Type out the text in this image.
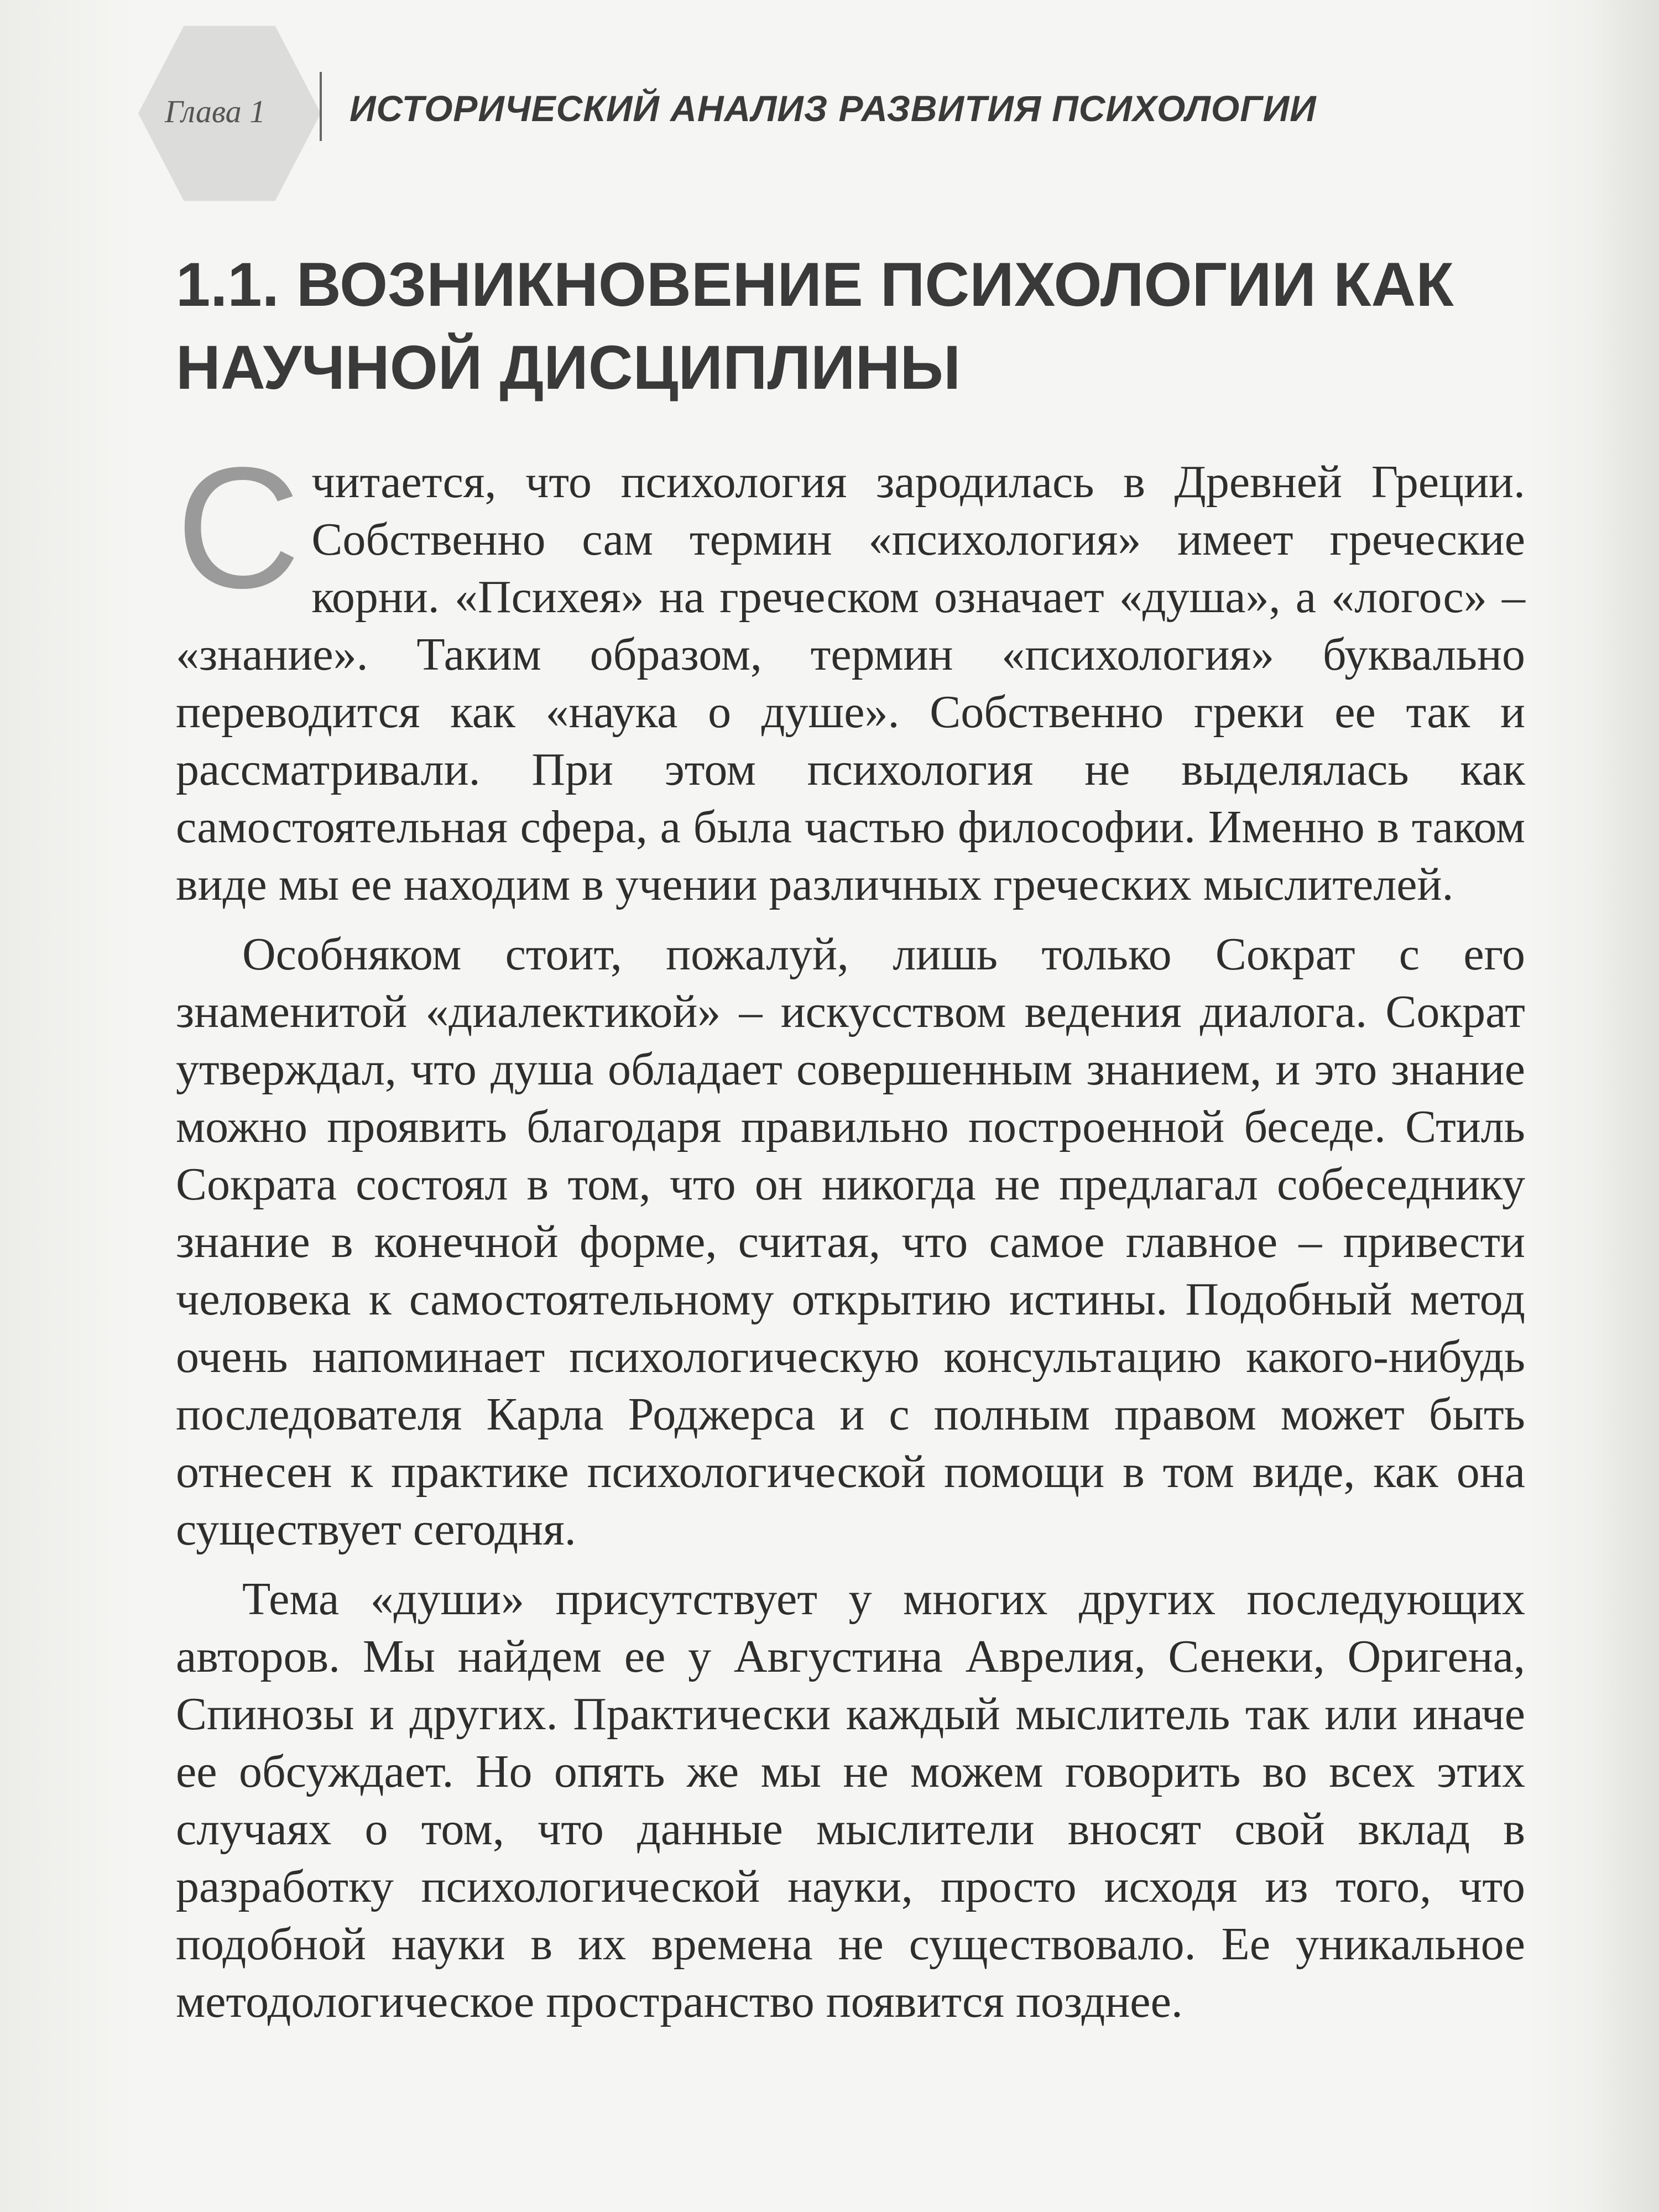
Глава 1 ИСТОРИЧЕСКИЙ АНАЛИЗ РАЗВИТИЯ ПСИХОЛОГИИ
1.1. ВОЗНИКНОВЕНИЕ ПСИХОЛОГИИ КАК НАУЧНОЙ ДИСЦИПЛИНЫ

Считается, что психология зародилась в Древней Греции. Собственно сам термин «психология» имеет греческие корни. «Психея» на греческом означает «душа», а «логос» – «знание». Таким образом, термин «психология» буквально переводится как «наука о душе». Собственно греки ее так и рассматривали. При этом психология не выделялась как самостоятельная сфера, а была частью философии. Именно в таком виде мы ее находим в учении различных греческих мыслителей.

Особняком стоит, пожалуй, лишь только Сократ с его знаменитой «диалектикой» – искусством ведения диалога. Сократ утверждал, что душа обладает совершенным знанием, и это знание можно проявить благодаря правильно построенной беседе. Стиль Сократа состоял в том, что он никогда не предлагал собеседнику знание в конечной форме, считая, что самое главное – привести человека к самостоятельному открытию истины. Подобный метод очень напоминает психологическую консультацию какого-нибудь последователя Карла Роджерса и с полным правом может быть отнесен к практике психологической помощи в том виде, как она существует сегодня.

Тема «души» присутствует у многих других последующих авторов. Мы найдем ее у Августина Аврелия, Сенеки, Оригена, Спинозы и других. Практически каждый мыслитель так или иначе ее обсуждает. Но опять же мы не можем говорить во всех этих случаях о том, что данные мыслители вносят свой вклад в разработку психологической науки, просто исходя из того, что подобной науки в их времена не существовало. Ее уникальное методологическое пространство появится позднее.
